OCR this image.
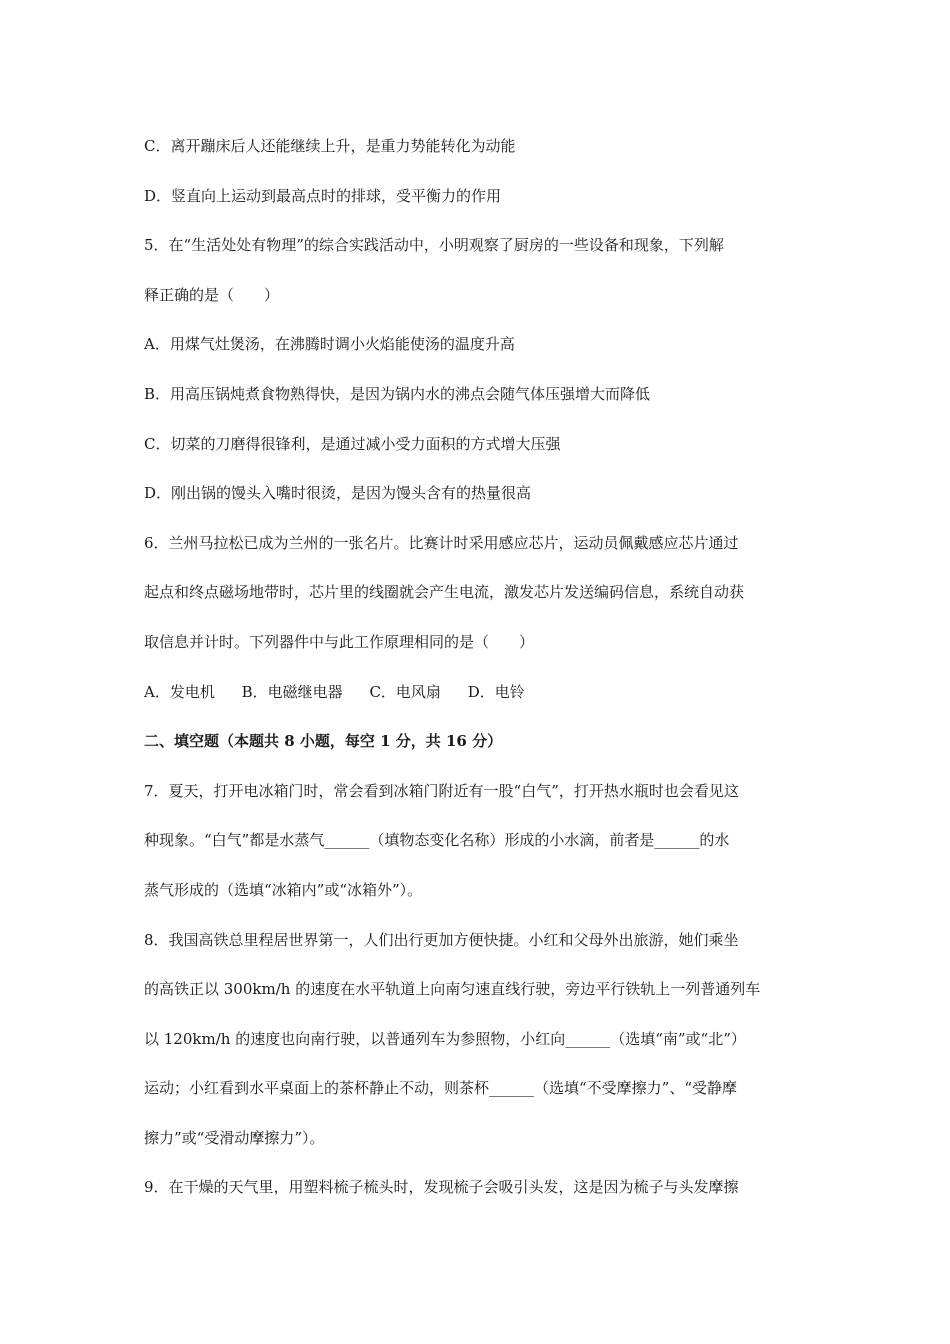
C．离开蹦床后人还能继续上升，是重力势能转化为动能
D．竖直向上运动到最高点时的排球，受平衡力的作用
5．在“生活处处有物理”的综合实践活动中，小明观察了厨房的一些设备和现象，下列解
释正确的是（　　）
A．用煤气灶煲汤，在沸腾时调小火焰能使汤的温度升高
B．用高压锅炖煮食物熟得快，是因为锅内水的沸点会随气体压强增大而降低
C．切菜的刀磨得很锋利，是通过减小受力面积的方式增大压强
D．刚出锅的馒头入嘴时很烫，是因为馒头含有的热量很高
6．兰州马拉松已成为兰州的一张名片。比赛计时采用感应芯片，运动员佩戴感应芯片通过
起点和终点磁场地带时，芯片里的线圈就会产生电流，激发芯片发送编码信息，系统自动获
取信息并计时。下列器件中与此工作原理相同的是（　　）
A．发电机 B．电磁继电器 C．电风扇 D．电铃
二、填空题（本题共 8 小题，每空 1 分，共 16 分）
7．夏天，打开电冰箱门时，常会看到冰箱门附近有一股“白气”，打开热水瓶时也会看见这
种现象。“白气”都是水蒸气______（填物态变化名称）形成的小水滴，前者是______的水
蒸气形成的（选填“冰箱内”或“冰箱外”）。
8．我国高铁总里程居世界第一，人们出行更加方便快捷。小红和父母外出旅游，她们乘坐
的高铁正以 300km/h 的速度在水平轨道上向南匀速直线行驶，旁边平行铁轨上一列普通列车
以 120km/h 的速度也向南行驶，以普通列车为参照物，小红向______（选填“南”或“北”）
运动；小红看到水平桌面上的茶杯静止不动，则茶杯______（选填“不受摩擦力”、“受静摩
擦力”或“受滑动摩擦力”）。
9．在干燥的天气里，用塑料梳子梳头时，发现梳子会吸引头发，这是因为梳子与头发摩擦
